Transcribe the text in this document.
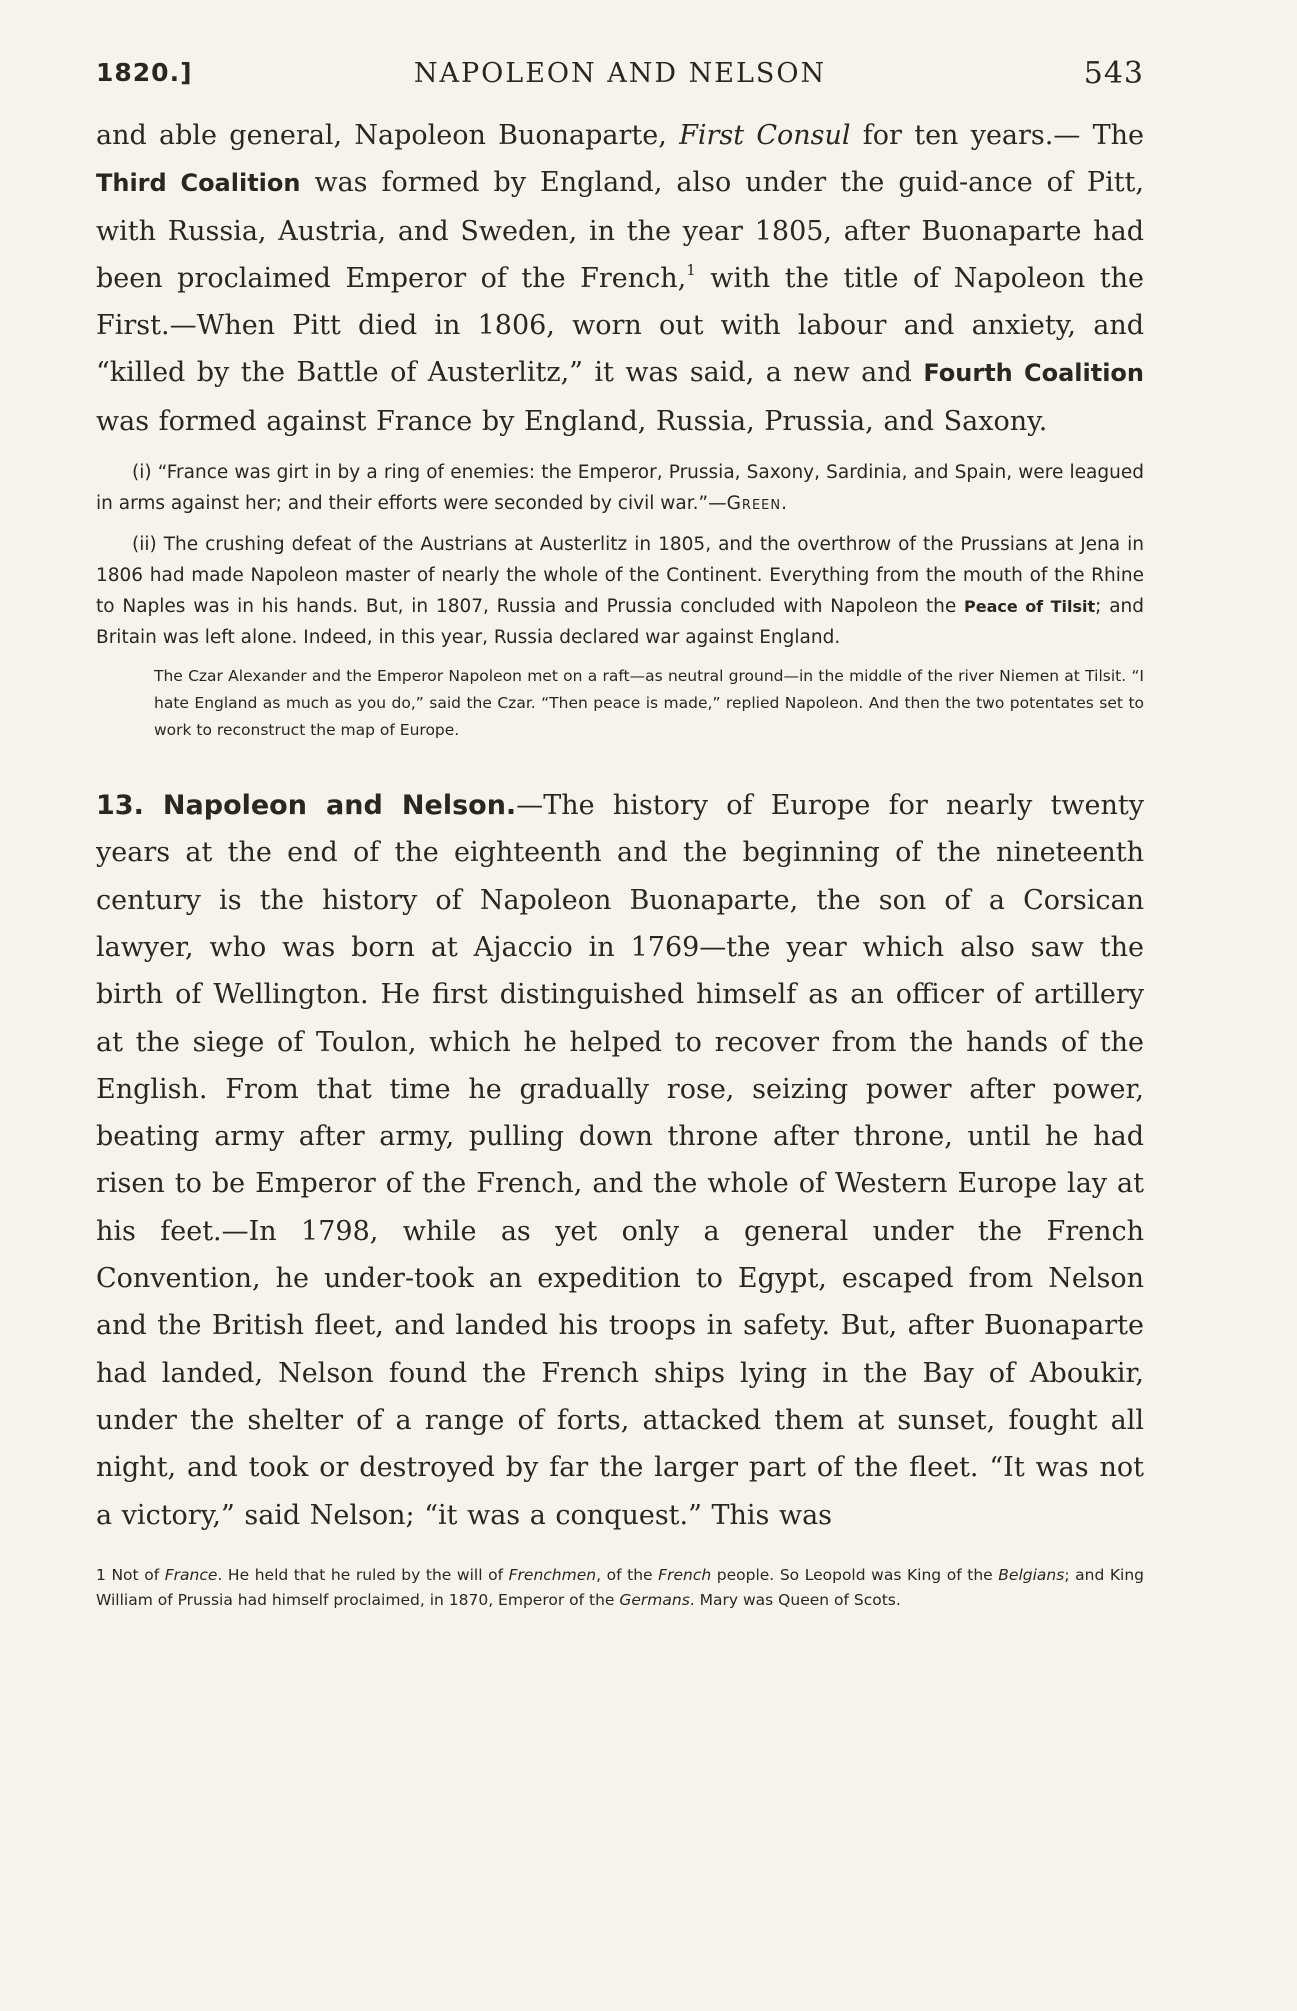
1820.]	NAPOLEON AND NELSON	543

and able general, Napoleon Buonaparte, First Consul for ten years.— The Third Coalition was formed by England, also under the guid-ance of Pitt, with Russia, Austria, and Sweden, in the year 1805, after Buonaparte had been proclaimed Emperor of the French,$^1$ with the title of Napoleon the First.—When Pitt died in 1806, worn out with labour and anxiety, and “killed by the Battle of Austerlitz,” it was said, a new and Fourth Coalition was formed against France by England, Russia, Prussia, and Saxony.

(i) “France was girt in by a ring of enemies: the Emperor, Prussia, Saxony, Sardinia, and Spain, were leagued in arms against her; and their efforts were seconded by civil war.”—Green.

(ii) The crushing defeat of the Austrians at Austerlitz in 1805, and the overthrow of the Prussians at Jena in 1806 had made Napoleon master of nearly the whole of the Continent. Everything from the mouth of the Rhine to Naples was in his hands. But, in 1807, Russia and Prussia concluded with Napoleon the Peace of Tilsit; and Britain was left alone. Indeed, in this year, Russia declared war against England.

The Czar Alexander and the Emperor Napoleon met on a raft—as neutral ground—in the middle of the river Niemen at Tilsit. “I hate England as much as you do,” said the Czar. “Then peace is made,” replied Napoleon. And then the two potentates set to work to reconstruct the map of Europe.

13. Napoleon and Nelson.—The history of Europe for nearly twenty years at the end of the eighteenth and the beginning of the nineteenth century is the history of Napoleon Buonaparte, the son of a Corsican lawyer, who was born at Ajaccio in 1769—the year which also saw the birth of Wellington. He first distinguished himself as an officer of artillery at the siege of Toulon, which he helped to recover from the hands of the English. From that time he gradually rose, seizing power after power, beating army after army, pulling down throne after throne, until he had risen to be Emperor of the French, and the whole of Western Europe lay at his feet.—In 1798, while as yet only a general under the French Convention, he under-took an expedition to Egypt, escaped from Nelson and the British fleet, and landed his troops in safety. But, after Buonaparte had landed, Nelson found the French ships lying in the Bay of Aboukir, under the shelter of a range of forts, attacked them at sunset, fought all night, and took or destroyed by far the larger part of the fleet. “It was not a victory,” said Nelson; “it was a conquest.” This was

1 Not of France. He held that he ruled by the will of Frenchmen, of the French people. So Leopold was King of the Belgians; and King William of Prussia had himself proclaimed, in 1870, Emperor of the Germans. Mary was Queen of Scots.
